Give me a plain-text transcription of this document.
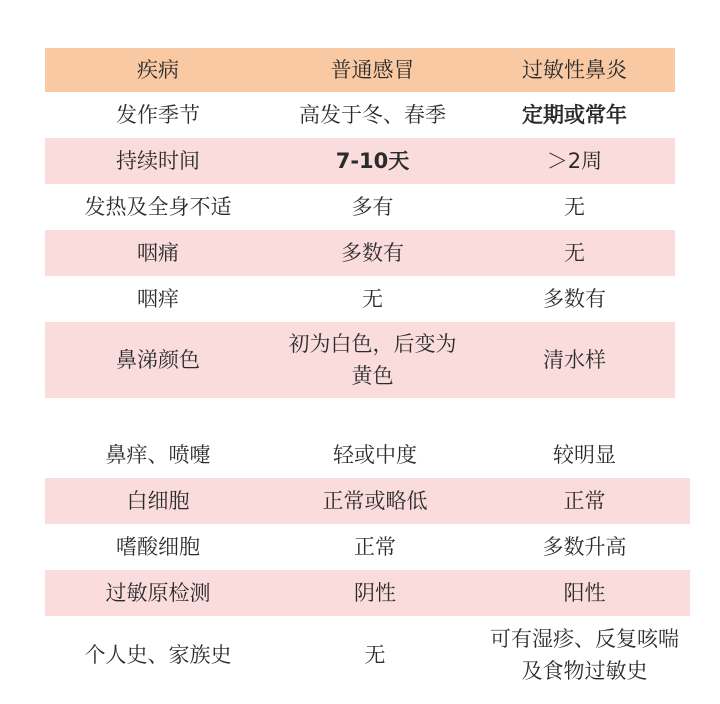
疾病	普通感冒	过敏性鼻炎
发作季节	高发于冬、春季	定期或常年
持续时间	7-10天	＞2周
发热及全身不适	多有	无
咽痛	多数有	无
咽痒	无	多数有
鼻涕颜色	初为白色，后变为黄色	清水样
鼻痒、喷嚏	轻或中度	较明显
白细胞	正常或略低	正常
嗜酸细胞	正常	多数升高
过敏原检测	阴性	阳性
个人史、家族史	无	可有湿疹、反复咳喘及食物过敏史
